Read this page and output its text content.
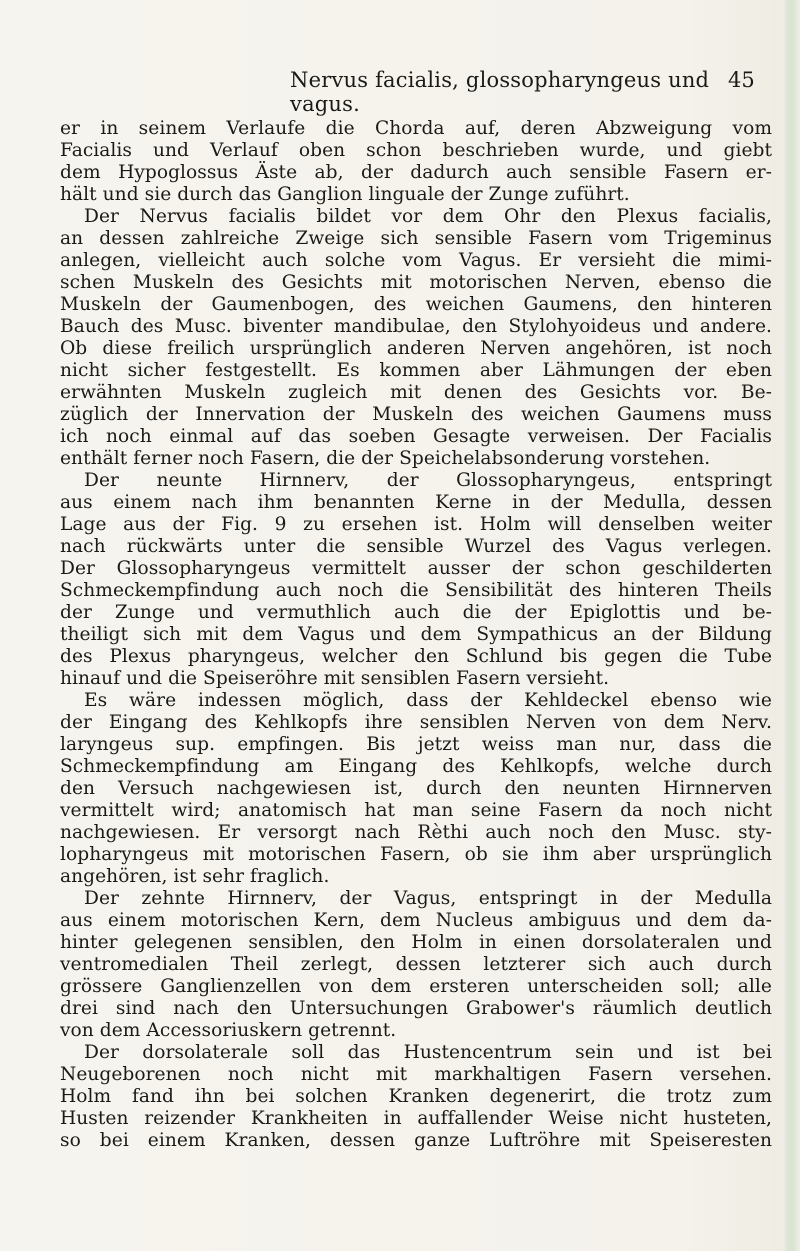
Nervus facialis, glossopharyngeus und vagus.
45
er in seinem Verlaufe die Chorda auf, deren Abzweigung vom
Facialis und Verlauf oben schon beschrieben wurde, und giebt
dem Hypoglossus Äste ab, der dadurch auch sensible Fasern er-
hält und sie durch das Ganglion linguale der Zunge zuführt.
Der Nervus facialis bildet vor dem Ohr den Plexus facialis,
an dessen zahlreiche Zweige sich sensible Fasern vom Trigeminus
anlegen, vielleicht auch solche vom Vagus. Er versieht die mimi-
schen Muskeln des Gesichts mit motorischen Nerven, ebenso die
Muskeln der Gaumenbogen, des weichen Gaumens, den hinteren
Bauch des Musc. biventer mandibulae, den Stylohyoideus und andere.
Ob diese freilich ursprünglich anderen Nerven angehören, ist noch
nicht sicher festgestellt. Es kommen aber Lähmungen der eben
erwähnten Muskeln zugleich mit denen des Gesichts vor. Be-
züglich der Innervation der Muskeln des weichen Gaumens muss
ich noch einmal auf das soeben Gesagte verweisen. Der Facialis
enthält ferner noch Fasern, die der Speichelabsonderung vorstehen.
Der neunte Hirnnerv, der Glossopharyngeus, entspringt
aus einem nach ihm benannten Kerne in der Medulla, dessen
Lage aus der Fig. 9 zu ersehen ist. Holm will denselben weiter
nach rückwärts unter die sensible Wurzel des Vagus verlegen.
Der Glossopharyngeus vermittelt ausser der schon geschilderten
Schmeckempfindung auch noch die Sensibilität des hinteren Theils
der Zunge und vermuthlich auch die der Epiglottis und be-
theiligt sich mit dem Vagus und dem Sympathicus an der Bildung
des Plexus pharyngeus, welcher den Schlund bis gegen die Tube
hinauf und die Speiseröhre mit sensiblen Fasern versieht.
Es wäre indessen möglich, dass der Kehldeckel ebenso wie
der Eingang des Kehlkopfs ihre sensiblen Nerven von dem Nerv.
laryngeus sup. empfingen. Bis jetzt weiss man nur, dass die
Schmeckempfindung am Eingang des Kehlkopfs, welche durch
den Versuch nachgewiesen ist, durch den neunten Hirnnerven
vermittelt wird; anatomisch hat man seine Fasern da noch nicht
nachgewiesen. Er versorgt nach Rèthi auch noch den Musc. sty-
lopharyngeus mit motorischen Fasern, ob sie ihm aber ursprünglich
angehören, ist sehr fraglich.
Der zehnte Hirnnerv, der Vagus, entspringt in der Medulla
aus einem motorischen Kern, dem Nucleus ambiguus und dem da-
hinter gelegenen sensiblen, den Holm in einen dorsolateralen und
ventromedialen Theil zerlegt, dessen letzterer sich auch durch
grössere Ganglienzellen von dem ersteren unterscheiden soll; alle
drei sind nach den Untersuchungen Grabower's räumlich deutlich
von dem Accessoriuskern getrennt.
Der dorsolaterale soll das Hustencentrum sein und ist bei
Neugeborenen noch nicht mit markhaltigen Fasern versehen.
Holm fand ihn bei solchen Kranken degenerirt, die trotz zum
Husten reizender Krankheiten in auffallender Weise nicht husteten,
so bei einem Kranken, dessen ganze Luftröhre mit Speiseresten
